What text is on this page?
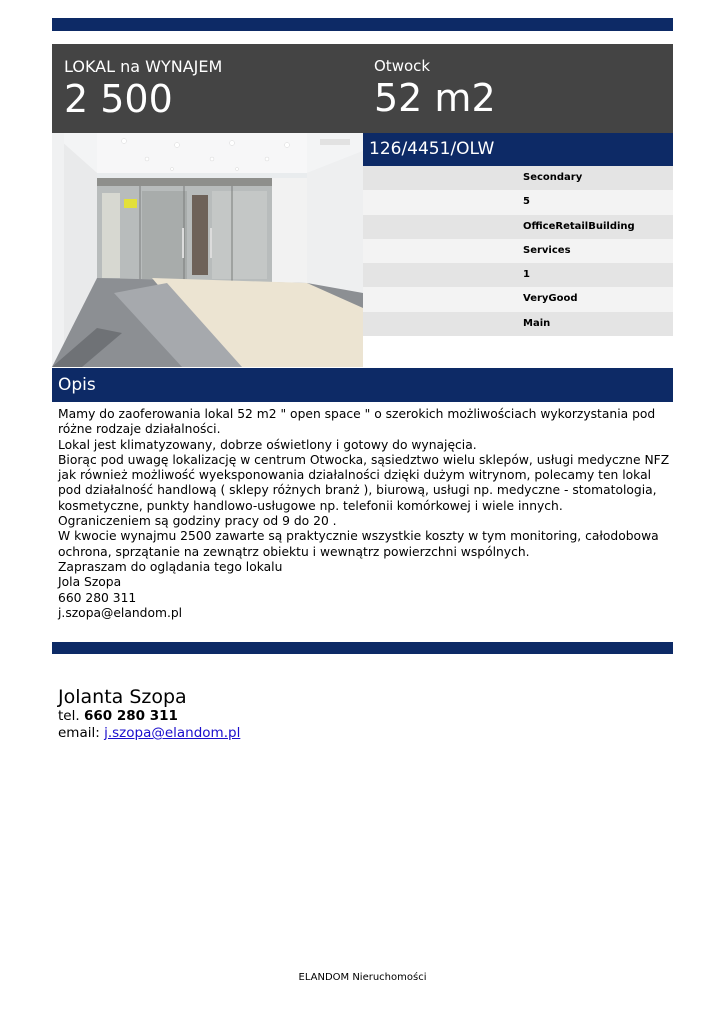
LOKAL na WYNAJEM
2 500
Otwock
52 m2
126/4451/OLW
Secondary
5
OfficeRetailBuilding
Services
1
VeryGood
Main
Opis

Mamy do zaoferowania lokal 52 m2 " open space " o szerokich możliwościach wykorzystania pod

różne rodzaje działalności.

Lokal jest klimatyzowany, dobrze oświetlony i gotowy do wynajęcia.

Biorąc pod uwagę lokalizację w centrum Otwocka, sąsiedztwo wielu sklepów, usługi medyczne NFZ

jak również możliwość wyeksponowania działalności dzięki dużym witrynom, polecamy ten lokal

pod działalność handlową ( sklepy różnych branż ), biurową, usługi np. medyczne - stomatologia,

kosmetyczne, punkty handlowo-usługowe np. telefonii komórkowej i wiele innych.

Ograniczeniem są godziny pracy od 9 do 20 .

W kwocie wynajmu 2500 zawarte są praktycznie wszystkie koszty w tym monitoring, całodobowa

ochrona, sprzątanie na zewnątrz obiektu i wewnątrz powierzchni wspólnych.

Zapraszam do oglądania tego lokalu

Jola Szopa

660 280 311

j.szopa@elandom.pl

Jolanta Szopa
tel. 660 280 311
email: j.szopa@elandom.pl
ELANDOM Nieruchomości
